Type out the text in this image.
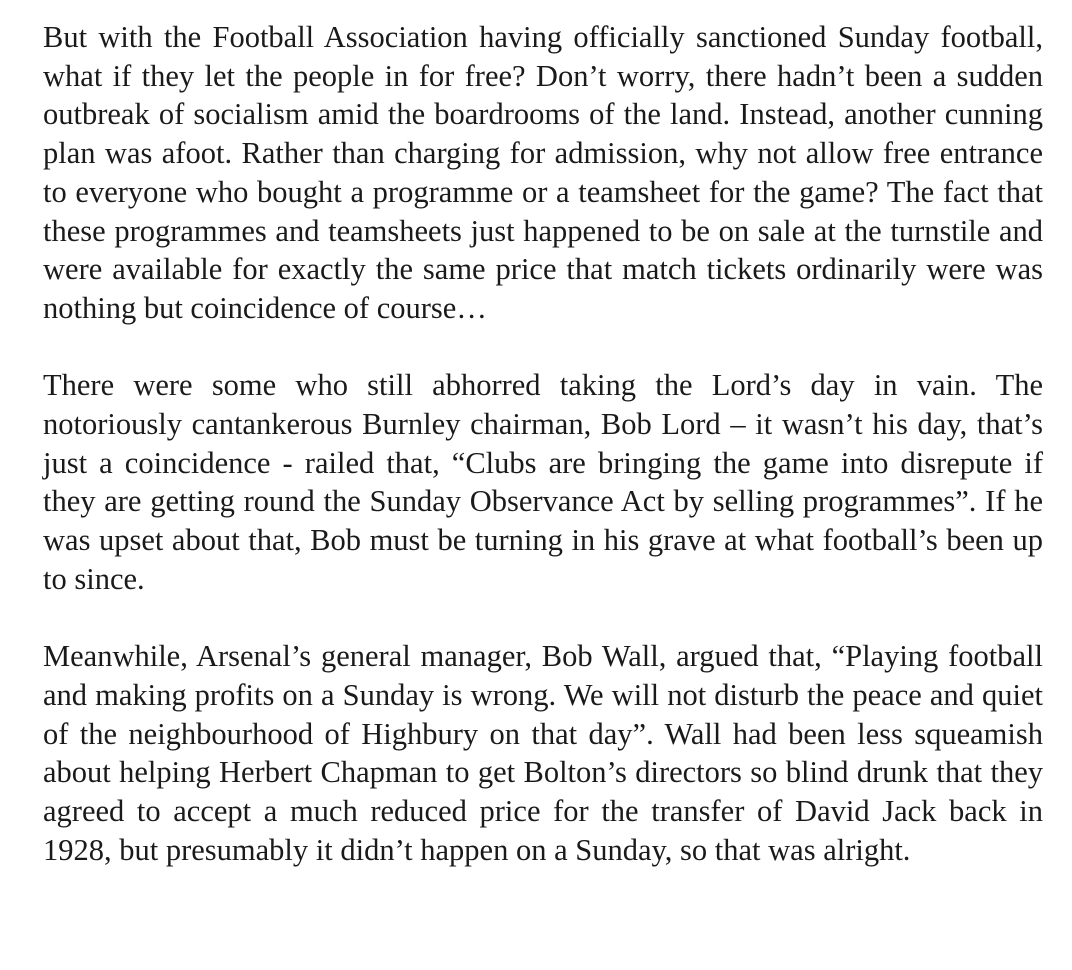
But with the Football Association having officially sanctioned Sunday football, what if they let the people in for free? Don’t worry, there hadn’t been a sudden outbreak of socialism amid the boardrooms of the land. Instead, another cunning plan was afoot. Rather than charging for admission, why not allow free entrance to everyone who bought a programme or a teamsheet for the game? The fact that these programmes and teamsheets just happened to be on sale at the turnstile and were available for exactly the same price that match tickets ordinarily were was nothing but coincidence of course…

There were some who still abhorred taking the Lord’s day in vain. The notoriously cantankerous Burnley chairman, Bob Lord – it wasn’t his day, that’s just a coincidence - railed that, “Clubs are bringing the game into disrepute if they are getting round the Sunday Observance Act by selling programmes”. If he was upset about that, Bob must be turning in his grave at what football’s been up to since.

Meanwhile, Arsenal’s general manager, Bob Wall, argued that, “Playing football and making profits on a Sunday is wrong. We will not disturb the peace and quiet of the neighbourhood of Highbury on that day”. Wall had been less squeamish about helping Herbert Chapman to get Bolton’s directors so blind drunk that they agreed to accept a much reduced price for the transfer of David Jack back in 1928, but presumably it didn’t happen on a Sunday, so that was alright.
